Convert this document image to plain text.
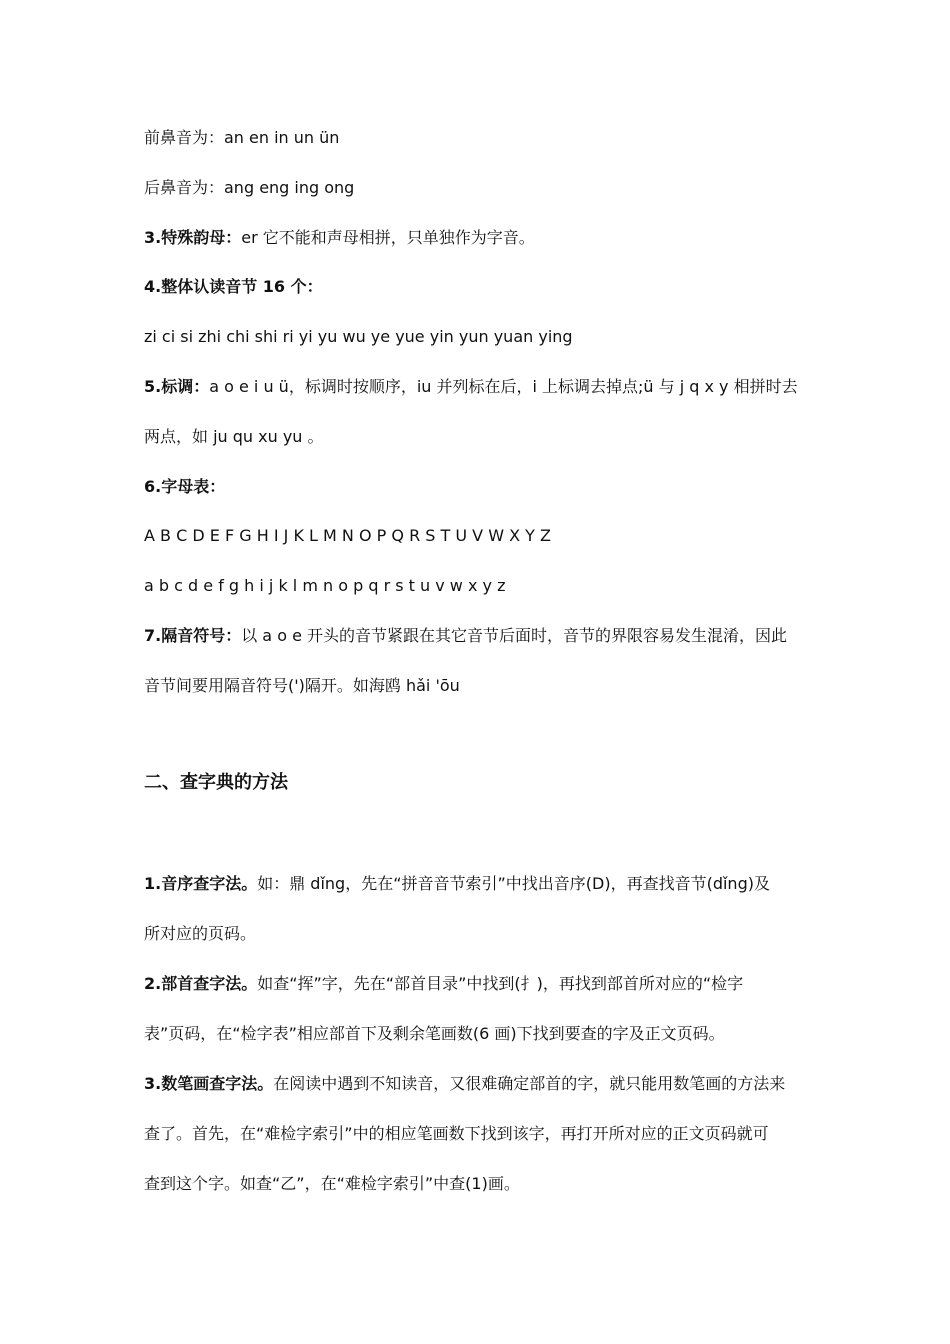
前鼻音为：an en in un ün
后鼻音为：ang eng ing ong
3.特殊韵母：er 它不能和声母相拼，只单独作为字音。
4.整体认读音节 16 个：
zi ci si zhi chi shi ri yi yu wu ye yue yin yun yuan ying
5.标调：a o e i u ü，标调时按顺序，iu 并列标在后，i 上标调去掉点;ü 与 j q x y 相拼时去
两点，如 ju qu xu yu 。
6.字母表：
A B C D E F G H I J K L M N O P Q R S T U V W X Y Z
a b c d e f g h i j k l m n o p q r s t u v w x y z
7.隔音符号：以 a o e 开头的音节紧跟在其它音节后面时，音节的界限容易发生混淆，因此
音节间要用隔音符号(')隔开。如海鸥 hǎi 'ōu
二、查字典的方法
1.音序查字法。如：鼎 dǐng，先在“拼音音节索引”中找出音序(D)，再查找音节(dǐng)及
所对应的页码。
2.部首查字法。如查“挥”字，先在“部首目录”中找到(扌)，再找到部首所对应的“检字
表”页码，在“检字表”相应部首下及剩余笔画数(6 画)下找到要查的字及正文页码。
3.数笔画查字法。在阅读中遇到不知读音，又很难确定部首的字，就只能用数笔画的方法来
查了。首先，在“难检字索引”中的相应笔画数下找到该字，再打开所对应的正文页码就可
查到这个字。如查“乙”，在“难检字索引”中查(1)画。
